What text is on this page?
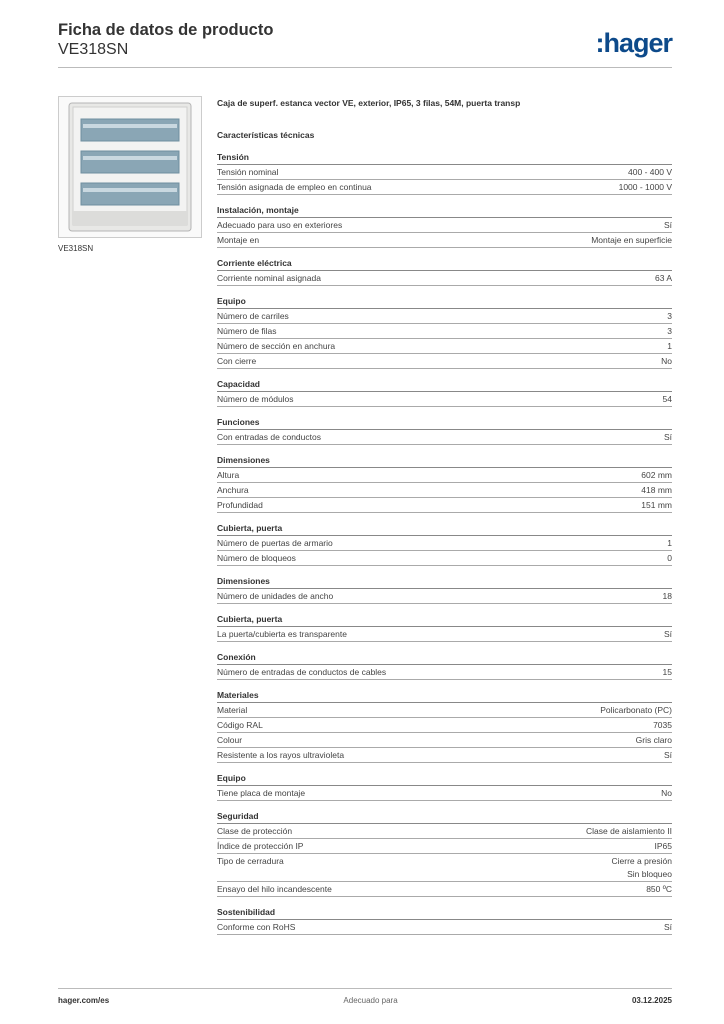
Ficha de datos de producto
VE318SN	:hager
VE318SN
Caja de superf. estanca vector VE, exterior, IP65, 3 filas, 54M, puerta transp
Características técnicas
Tensión
Tensión nominal	400 - 400 V
Tensión asignada de empleo en continua	1000 - 1000 V
Instalación, montaje
Adecuado para uso en exteriores	Sí
Montaje en	Montaje en superficie
Corriente eléctrica
Corriente nominal asignada	63 A
Equipo
Número de carriles	3
Número de filas	3
Número de sección en anchura	1
Con cierre	No
Capacidad
Número de módulos	54
Funciones
Con entradas de conductos	Sí
Dimensiones
Altura	602 mm
Anchura	418 mm
Profundidad	151 mm
Cubierta, puerta
Número de puertas de armario	1
Número de bloqueos	0
Dimensiones
Número de unidades de ancho	18
Cubierta, puerta
La puerta/cubierta es transparente	Sí
Conexión
Número de entradas de conductos de cables	15
Materiales
Material	Policarbonato (PC)
Código RAL	7035
Colour	Gris claro
Resistente a los rayos ultravioleta	Sí
Equipo
Tiene placa de montaje	No
Seguridad
Clase de protección	Clase de aislamiento II
Índice de protección IP	IP65
Tipo de cerradura	Cierre a presión
Sin bloqueo
Ensayo del hilo incandescente	850 ºC
Sostenibilidad
Conforme con RoHS	Sí
hager.com/es	Adecuado para	03.12.2025
